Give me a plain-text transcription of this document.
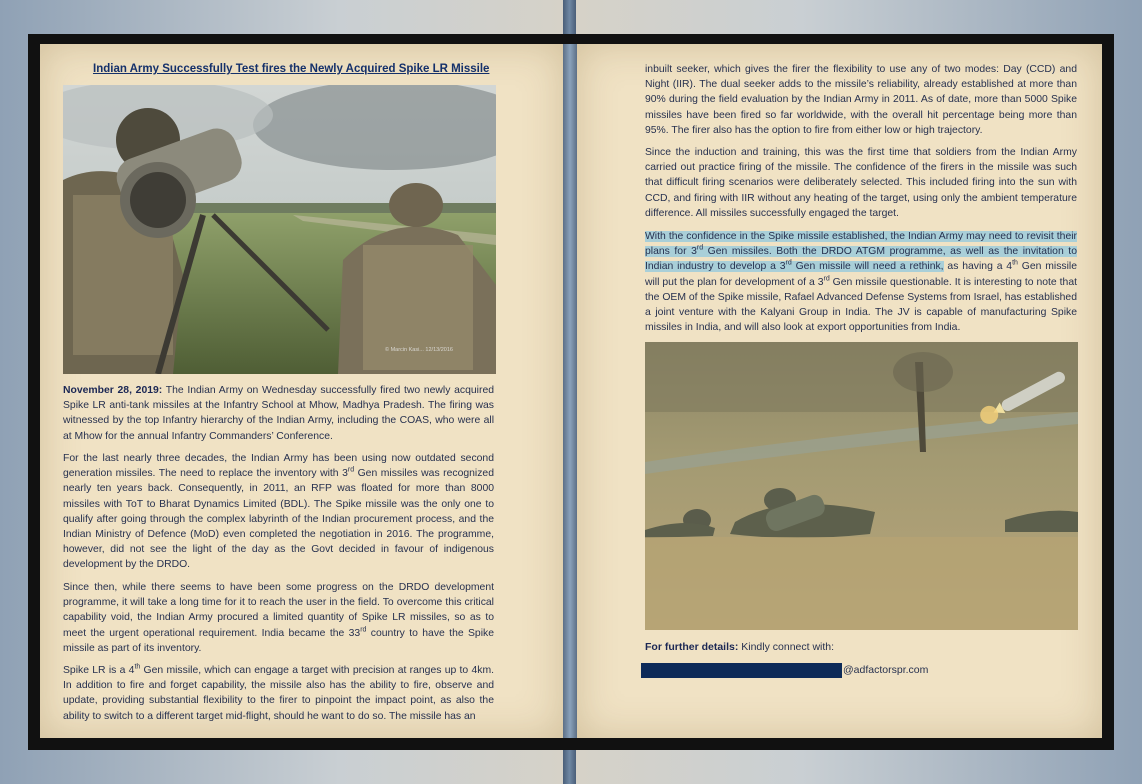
Indian Army Successfully Test fires the Newly Acquired Spike LR Missile
© Marcin Kasi... 12/13/2016

November 28, 2019: The Indian Army on Wednesday successfully fired two newly acquired Spike LR anti-tank missiles at the Infantry School at Mhow, Madhya Pradesh. The firing was witnessed by the top Infantry hierarchy of the Indian Army, including the COAS, who were all at Mhow for the annual Infantry Commanders’ Conference.

For the last nearly three decades, the Indian Army has been using now outdated second generation missiles. The need to replace the inventory with 3rd Gen missiles was recognized nearly ten years back. Consequently, in 2011, an RFP was floated for more than 8000 missiles with ToT to Bharat Dynamics Limited (BDL). The Spike missile was the only one to qualify after going through the complex labyrinth of the Indian procurement process, and the Indian Ministry of Defence (MoD) even completed the negotiation in 2016. The programme, however, did not see the light of the day as the Govt decided in favour of indigenous development by the DRDO.

Since then, while there seems to have been some progress on the DRDO development programme, it will take a long time for it to reach the user in the field. To overcome this critical capability void, the Indian Army procured a limited quantity of Spike LR missiles, so as to meet the urgent operational requirement. India became the 33rd country to have the Spike missile as part of its inventory.

Spike LR is a 4th Gen missile, which can engage a target with precision at ranges up to 4km. In addition to fire and forget capability, the missile also has the ability to fire, observe and update, providing substantial flexibility to the firer to pinpoint the impact point, as also the ability to switch to a different target mid-flight, should he want to do so. The missile has an

inbuilt seeker, which gives the firer the flexibility to use any of two modes: Day (CCD) and Night (IIR). The dual seeker adds to the missile’s reliability, already established at more than 90% during the field evaluation by the Indian Army in 2011. As of date, more than 5000 Spike missiles have been fired so far worldwide, with the overall hit percentage being more than 95%. The firer also has the option to fire from either low or high trajectory.

Since the induction and training, this was the first time that soldiers from the Indian Army carried out practice firing of the missile. The confidence of the firers in the missile was such that difficult firing scenarios were deliberately selected. This included firing into the sun with CCD, and firing with IIR without any heating of the target, using only the ambient temperature difference. All missiles successfully engaged the target.

With the confidence in the Spike missile established, the Indian Army may need to revisit their plans for 3rd Gen missiles. Both the DRDO ATGM programme, as well as the invitation to Indian industry to develop a 3rd Gen missile will need a rethink, as having a 4th Gen missile will put the plan for development of a 3rd Gen missile questionable. It is interesting to note that the OEM of the Spike missile, Rafael Advanced Defense Systems from Israel, has established a joint venture with the Kalyani Group in India. The JV is capable of manufacturing Spike missiles in India, and will also look at export opportunities from India.

For further details: Kindly connect with:
@adfactorspr.com
